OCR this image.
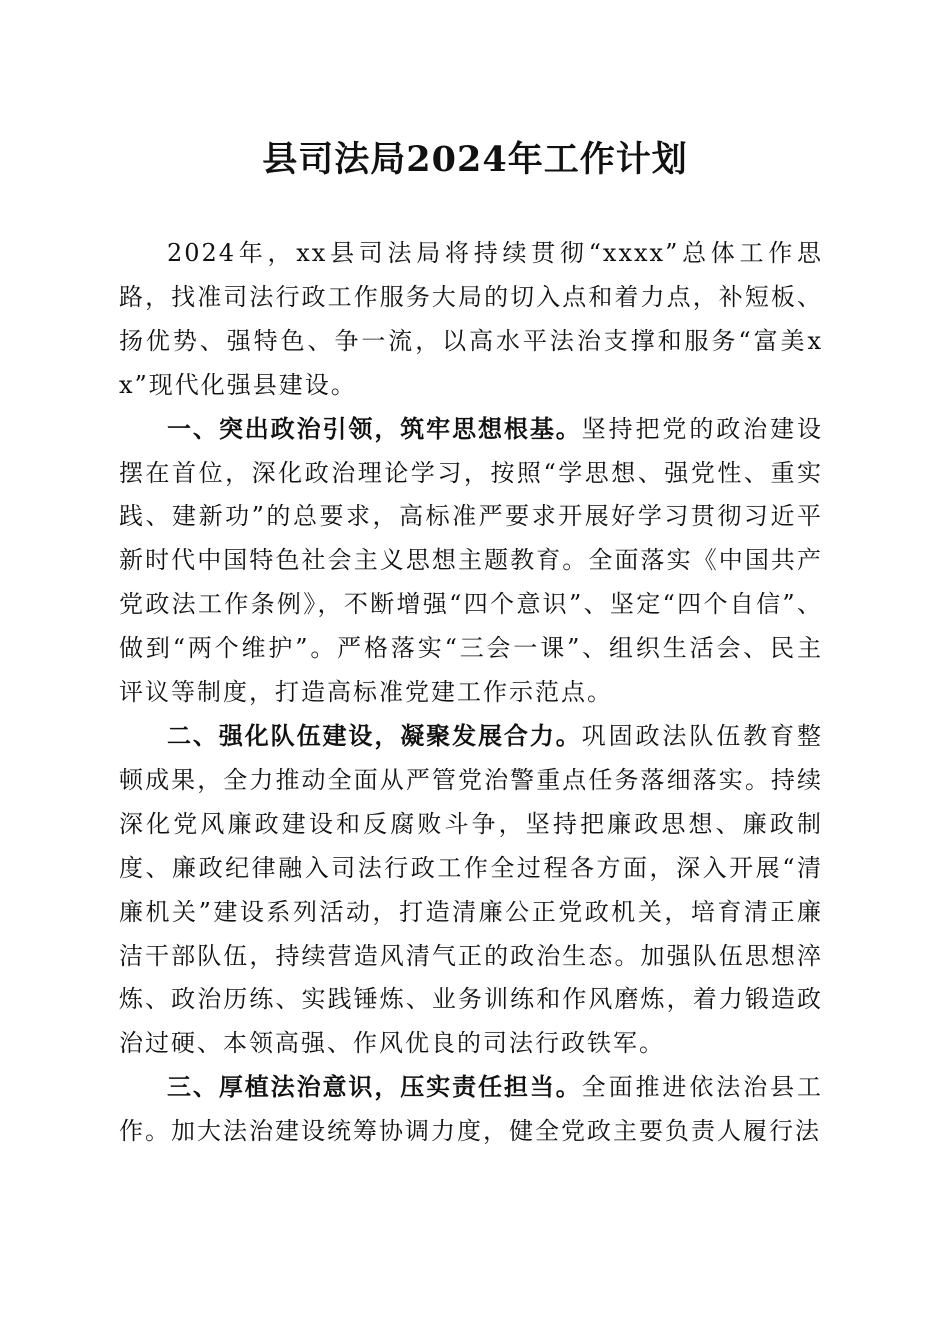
县司法局2024年工作计划

2024年，xx县司法局将持续贯彻“xxxx”总体工作思路，找准司法行政工作服务大局的切入点和着力点，补短板、扬优势、强特色、争一流，以高水平法治支撑和服务“富美xx”现代化强县建设。

一、突出政治引领，筑牢思想根基。坚持把党的政治建设摆在首位，深化政治理论学习，按照“学思想、强党性、重实践、建新功”的总要求，高标准严要求开展好学习贯彻习近平新时代中国特色社会主义思想主题教育。全面落实《中国共产党政法工作条例》，不断增强“四个意识”、坚定“四个自信”、做到“两个维护”。严格落实“三会一课”、组织生活会、民主评议等制度，打造高标准党建工作示范点。

二、强化队伍建设，凝聚发展合力。巩固政法队伍教育整顿成果，全力推动全面从严管党治警重点任务落细落实。持续深化党风廉政建设和反腐败斗争，坚持把廉政思想、廉政制度、廉政纪律融入司法行政工作全过程各方面，深入开展“清廉机关”建设系列活动，打造清廉公正党政机关，培育清正廉洁干部队伍，持续营造风清气正的政治生态。加强队伍思想淬炼、政治历练、实践锤炼、业务训练和作风磨炼，着力锻造政治过硬、本领高强、作风优良的司法行政铁军。

三、厚植法治意识，压实责任担当。全面推进依法治县工作。加大法治建设统筹协调力度，健全党政主要负责人履行法
